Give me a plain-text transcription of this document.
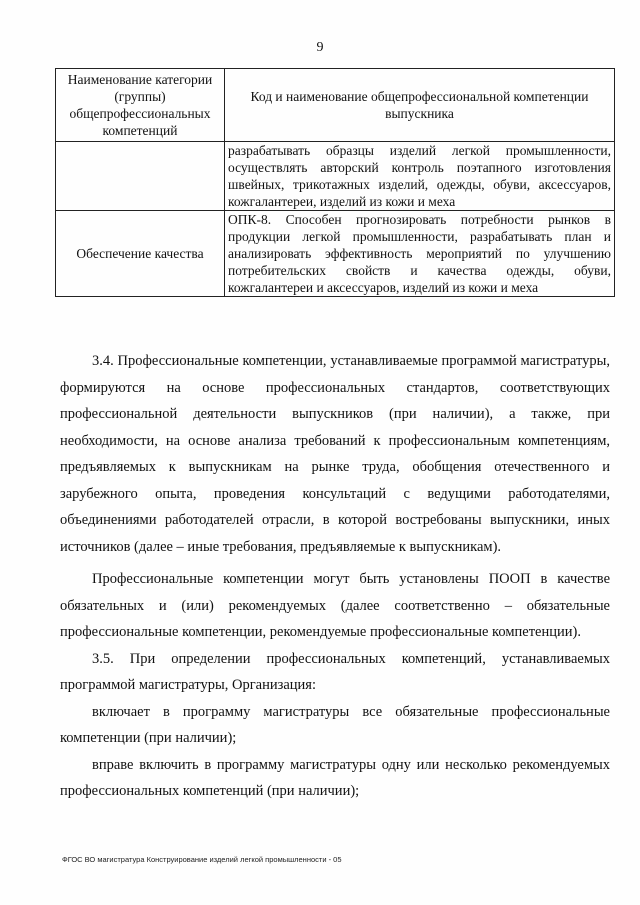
9
Наименование категории (группы) общепрофессиональных компетенций	Код и наименование общепрофессиональной компетенции выпускника
	разрабатывать образцы изделий легкой промышленности, осуществлять авторский контроль поэтапного изготовления швейных, трикотажных изделий, одежды, обуви, аксессуаров, кожгалантереи, изделий из кожи и меха
Обеспечение качества	ОПК-8. Способен прогнозировать потребности рынков в продукции легкой промышленности, разрабатывать план и анализировать эффективность мероприятий по улучшению потребительских свойств и качества одежды, обуви, кожгалантереи и аксессуаров, изделий из кожи и меха

3.4. Профессиональные компетенции, устанавливаемые программой магистратуры, формируются на основе профессиональных стандартов, соответствующих профессиональной деятельности выпускников (при наличии), а также, при необходимости, на основе анализа требований к профессиональным компетенциям, предъявляемых к выпускникам на рынке труда, обобщения отечественного и зарубежного опыта, проведения консультаций с ведущими работодателями, объединениями работодателей отрасли, в которой востребованы выпускники, иных источников (далее – иные требования, предъявляемые к выпускникам).

Профессиональные компетенции могут быть установлены ПООП в качестве обязательных и (или) рекомендуемых (далее соответственно – обязательные профессиональные компетенции, рекомендуемые профессиональные компетенции).

3.5. При определении профессиональных компетенций, устанавливаемых программой магистратуры, Организация:

включает в программу магистратуры все обязательные профессиональные компетенции (при наличии);

вправе включить в программу магистратуры одну или несколько рекомендуемых профессиональных компетенций (при наличии);

ФГОС ВО магистратура Конструирование изделий легкой промышленности - 05
